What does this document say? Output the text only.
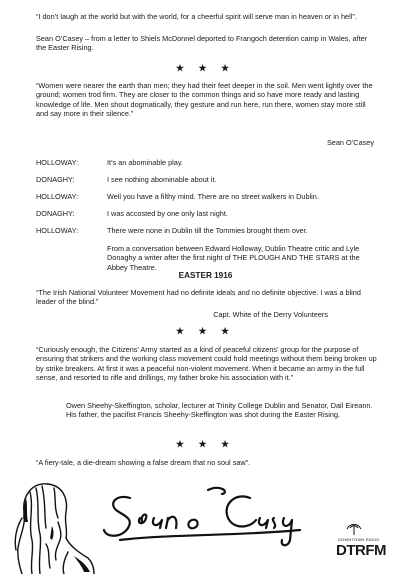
“I don’t laugh at the world but with the world, for a cheerful spirit will serve man in heaven or in hell”.
Sean O’Casey – from a letter to Shiels McDonnel deported to Frangoch detention camp in Wales, after the Easter Rising.
★ ★ ★
“Women were nearer the earth than men; they had their feet deeper in the soil. Men went lightly over the ground; women trod firm. They are closer to the common things and so have more ready and lasting knowledge of life. Men shout dogmatically, they gesture and run here, run there, women stay more still and say more in their silence.”
Sean O’Casey
HOLLOWAY:	It’s an abominable play.
DONAGHY:	I see nothing abominable about it.
HOLLOWAY:	Well you have a filthy mind. There are no street walkers in Dublin.
DONAGHY:	I was accosted by one only last night.
HOLLOWAY:	There were none in Dublin till the Tommies brought them over.
From a conversation between Edward Holloway, Dublin Theatre critic and Lyle Donaghy a writer after the first night of THE PLOUGH AND THE STARS at the Abbey Theatre.
EASTER 1916
“The Irish National Volunteer Movement had no definite ideals and no definite objective. I was a blind leader of the blind.”
Capt. White of the Derry Volunteers
★ ★ ★
“Curiously enough, the Citizens’ Army started as a kind of peaceful citizens’ group for the purpose of ensuring that strikers and the working class movement could hold meetings without them being broken up by strike breakers. At first it was a peaceful non-violent movement. When it became an army in the full sense, and resorted to rifle and drillings, my father broke his association with it.”
Owen Sheehy-Skeffington, scholar, lecturer at Trinity College Dublin and Senator, Dail Eireann. His father, the pacifist Francis Sheehy-Skeffington was shot during the Easter Rising.
★ ★ ★
“A fiery-tale, a die-dream showing a false dream that no soul saw”.
DOWNTOWN RADIO
DTRFM
